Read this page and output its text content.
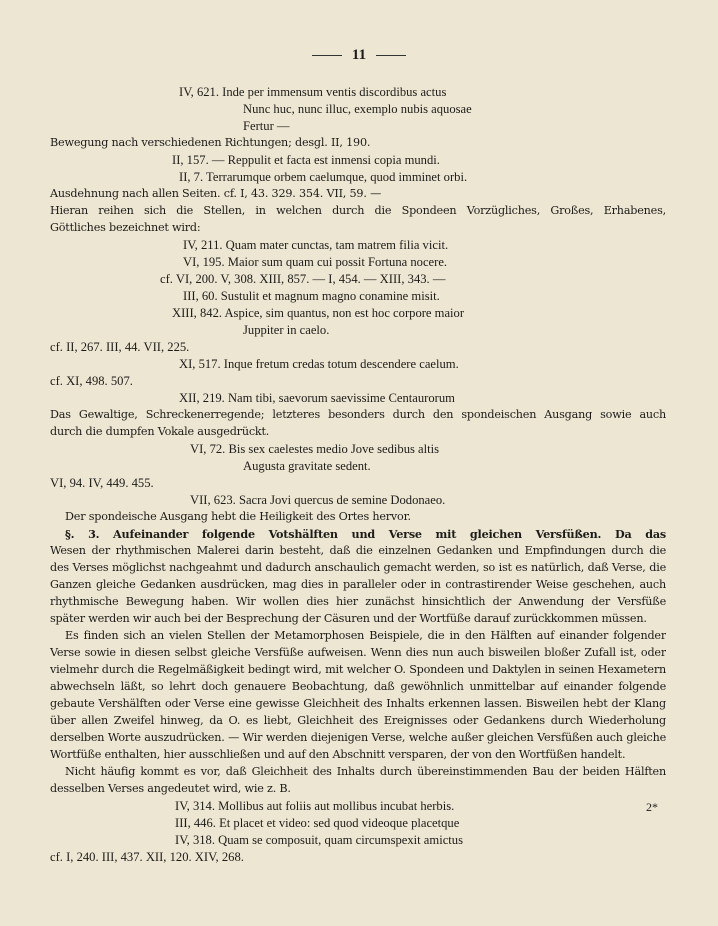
11
IV, 621. Inde per immensum ventis discordibus actus
Nunc huc, nunc illuc, exemplo nubis aquosae
Fertur —
Bewegung nach verschiedenen Richtungen; desgl. II, 190.
II, 157. — Reppulit et facta est inmensi copia mundi.
II, 7. Terrarumque orbem caelumque, quod imminet orbi.
Ausdehnung nach allen Seiten. cf. I, 43. 329. 354. VII, 59. —
Hieran reihen sich die Stellen, in welchen durch die Spondeen Vorzügliches, Großes, Erhabenes,
Göttliches bezeichnet wird:
IV, 211. Quam mater cunctas, tam matrem filia vicit.
VI, 195. Maior sum quam cui possit Fortuna nocere.
cf. VI, 200. V, 308. XIII, 857. — I, 454. — XIII, 343. —
III, 60. Sustulit et magnum magno conamine misit.
XIII, 842. Aspice, sim quantus, non est hoc corpore maior
Juppiter in caelo.
cf. II, 267. III, 44. VII, 225.
XI, 517. Inque fretum credas totum descendere caelum.
cf. XI, 498. 507.
XII, 219. Nam tibi, saevorum saevissime Centaurorum
Das Gewaltige, Schreckenerregende; letzteres besonders durch den spondeischen Ausgang sowie auch
durch die dumpfen Vokale ausgedrückt.
VI, 72. Bis sex caelestes medio Jove sedibus altis
Augusta gravitate sedent.
VI, 94. IV, 449. 455.
VII, 623. Sacra Jovi quercus de semine Dodonaeo.
Der spondeische Ausgang hebt die Heiligkeit des Ortes hervor.
§. 3. Aufeinander folgende Votshälften und Verse mit gleichen Versfüßen. Da das
Wesen der rhythmischen Malerei darin besteht, daß die einzelnen Gedanken und Empfindungen durch die
des Verses möglichst nachgeahmt und dadurch anschaulich gemacht werden, so ist es natürlich, daß Verse, die
Ganzen gleiche Gedanken ausdrücken, mag dies in paralleler oder in contrastirender Weise geschehen, auch
rhythmische Bewegung haben. Wir wollen dies hier zunächst hinsichtlich der Anwendung der Versfüße
später werden wir auch bei der Besprechung der Cäsuren und der Wortfüße darauf zurückkommen müssen.
Es finden sich an vielen Stellen der Metamorphosen Beispiele, die in den Hälften auf einander folgender
Verse sowie in diesen selbst gleiche Versfüße aufweisen. Wenn dies nun auch bisweilen bloßer Zufall ist, oder
vielmehr durch die Regelmäßigkeit bedingt wird, mit welcher O. Spondeen und Daktylen in seinen Hexametern
abwechseln läßt, so lehrt doch genauere Beobachtung, daß gewöhnlich unmittelbar auf einander folgende
gebaute Vershälften oder Verse eine gewisse Gleichheit des Inhalts erkennen lassen. Bisweilen hebt der Klang
über allen Zweifel hinweg, da O. es liebt, Gleichheit des Ereignisses oder Gedankens durch Wiederholung
derselben Worte auszudrücken. — Wir werden diejenigen Verse, welche außer gleichen Versfüßen auch gleiche
Wortfüße enthalten, hier ausschließen und auf den Abschnitt versparen, der von den Wortfüßen handelt.
Nicht häufig kommt es vor, daß Gleichheit des Inhalts durch übereinstimmenden Bau der beiden Hälften
desselben Verses angedeutet wird, wie z. B.
IV, 314. Mollibus aut foliis aut mollibus incubat herbis.
III, 446. Et placet et video: sed quod videoque placetque
IV, 318. Quam se composuit, quam circumspexit amictus
cf. I, 240. III, 437. XII, 120. XIV, 268.
2*
